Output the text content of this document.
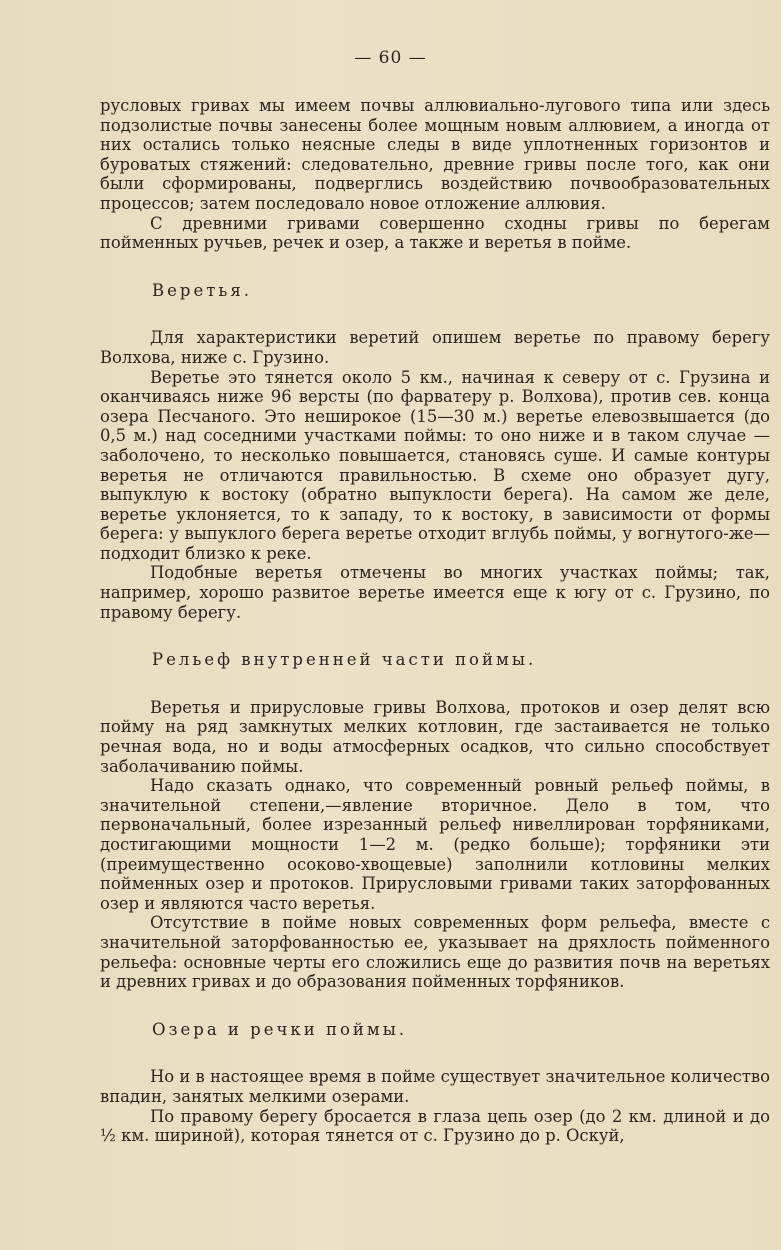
— 60 —

русловых гривах мы имеем почвы аллювиально-лугового типа или здесь подзолистые почвы занесены более мощным новым аллювием, а иногда от них остались только неясные следы в виде уплотненных горизонтов и буроватых стяжений: следовательно, древние гривы после того, как они были сформированы, подверглись воздействию почвообразовательных процессов; затем последовало новое отложение аллювия.

С древними гривами совершенно сходны гривы по берегам пойменных ручьев, речек и озер, а также и веретья в пойме.

Веретья.

Для характеристики веретий опишем веретье по правому берегу Волхова, ниже с. Грузино.

Веретье это тянется около 5 км., начиная к северу от с. Грузина и оканчиваясь ниже 96 версты (по фарватеру р. Волхова), против сев. конца озера Песчаного. Это неширокое (15—30 м.) веретье елевозвышается (до 0,5 м.) над соседними участками поймы: то оно ниже и в таком случае — заболочено, то несколько повышается, становясь суше. И самые контуры веретья не отличаются правильностью. В схеме оно образует дугу, выпуклую к востоку (обратно выпуклости берега). На самом же деле, веретье уклоняется, то к западу, то к востоку, в зависимости от формы берега: у выпуклого берега веретье отходит вглубь поймы, у вогнутого-же—подходит близко к реке.

Подобные веретья отмечены во многих участках поймы; так, например, хорошо развитое веретье имеется еще к югу от с. Грузино, по правому берегу.

Рельеф внутренней части поймы.

Веретья и прирусловые гривы Волхова, протоков и озер делят всю пойму на ряд замкнутых мелких котловин, где застаивается не только речная вода, но и воды атмосферных осадков, что сильно способствует заболачиванию поймы.

Надо сказать однако, что современный ровный рельеф поймы, в значительной степени,—явление вторичное. Дело в том, что первоначальный, более изрезанный рельеф нивеллирован торфяниками, достигающими мощности 1—2 м. (редко больше); торфяники эти (преимущественно осоково-хвощевые) заполнили котловины мелких пойменных озер и протоков. Прирусловыми гривами таких заторфованных озер и являются часто веретья.

Отсутствие в пойме новых современных форм рельефа, вместе с значительной заторфованностью ее, указывает на дряхлость пойменного рельефа: основные черты его сложились еще до развития почв на веретьях и древних гривах и до образования пойменных торфяников.

Озера и речки поймы.

Но и в настоящее время в пойме существует значительное количество впадин, занятых мелкими озерами.

По правому берегу бросается в глаза цепь озер (до 2 км. длиной и до ½ км. шириной), которая тянется от с. Грузино до р. Оскуй,
